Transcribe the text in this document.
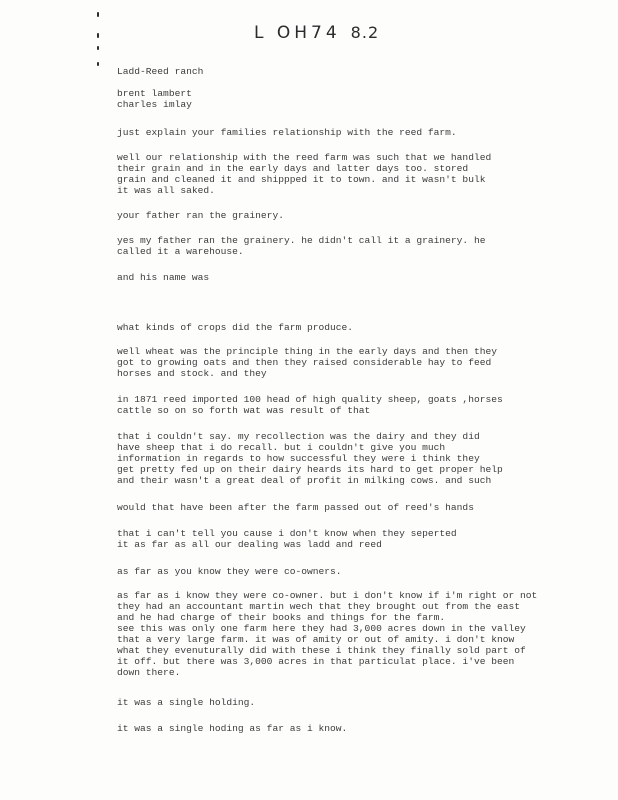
L OH74 8.2
Ladd-Reed ranch
brent lambert
charles imlay
just explain your families relationship with the reed farm.
well our relationship with the reed farm was such that we handled
their grain and in the early days and latter days too. stored
grain and cleaned it and shippped it to town. and it wasn't bulk
it was all saked.
your father ran the grainery.
yes my father ran the grainery. he didn't call it a grainery. he
called it a warehouse.
and his name was
what kinds of crops did the farm produce.
well wheat was the principle thing in the early days and then they
got to growing oats and then they raised considerable hay to feed
horses and stock. and they
in 1871 reed imported 100 head of high quality sheep, goats ,horses
cattle so on so forth wat was result of that
that i couldn't say. my recollection was the dairy and they did
have sheep that i do recall. but i couldn't give you much
information in regards to how successful they were i think they
get pretty fed up on their dairy heards its hard to get proper help
and their wasn't a great deal of profit in milking cows. and such
would that have been after the farm passed out of reed's hands
that i can't tell you cause i don't know when they seperted
it as far as all our dealing was ladd and reed
as far as you know they were co-owners.
as far as i know they were co-owner. but i don't know if i'm right or not
they had an accountant martin wech that they brought out from the east
and he had charge of their books and things for the farm.
see this was only one farm here they had 3,000 acres down in the valley
that a very large farm. it was of amity or out of amity. i don't know
what they evenuturally did with these i think they finally sold part of
it off. but there was 3,000 acres in that particulat place. i've been
down there.
it was a single holding.
it was a single hoding as far as i know.
